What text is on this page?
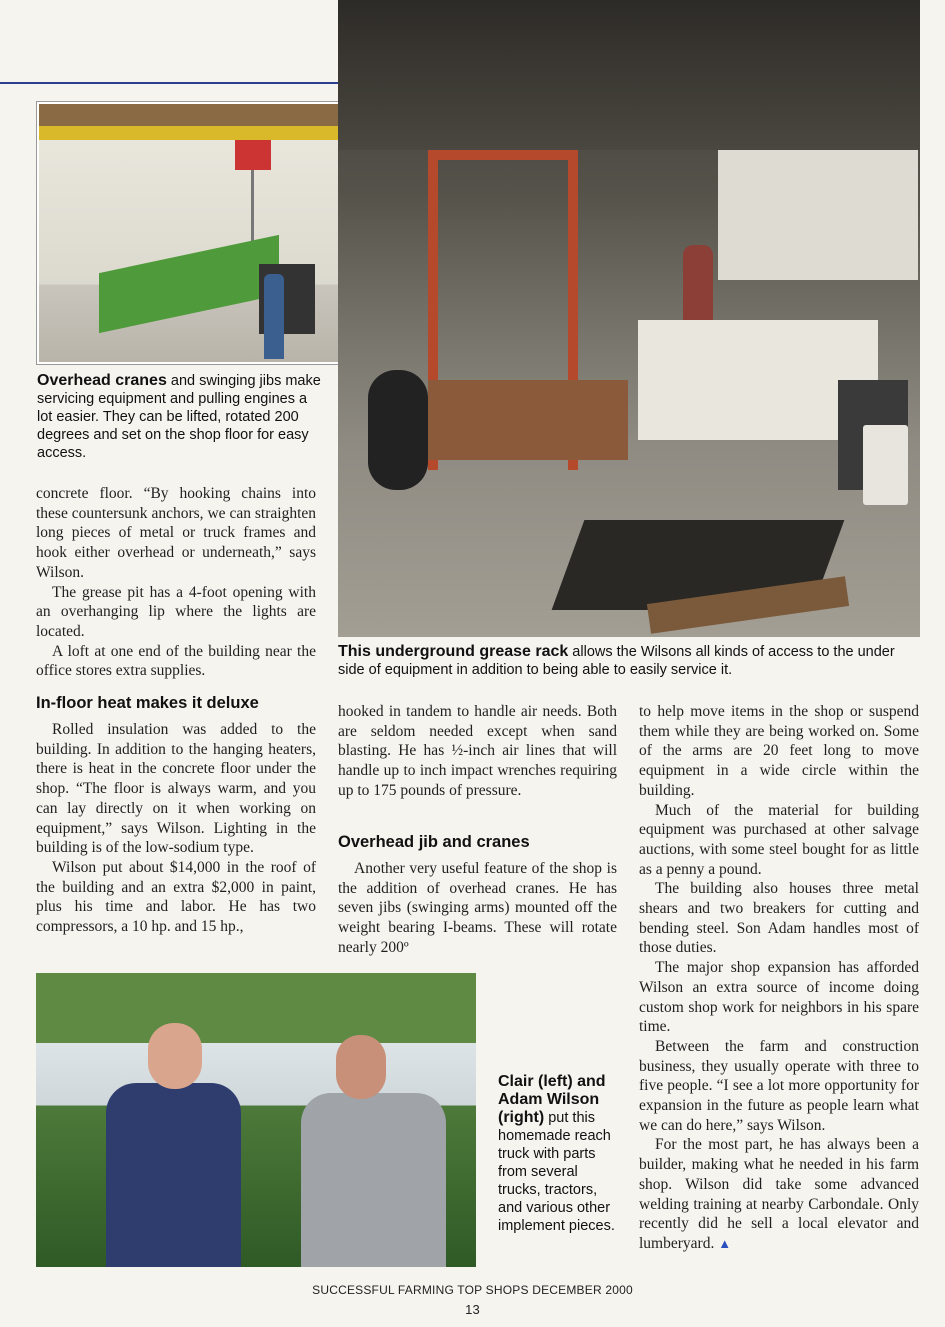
Overhead cranes and swinging jibs make servicing equipment and pulling engines a lot easier. They can be lifted, rotated 200 degrees and set on the shop floor for easy access.
This underground grease rack allows the Wilsons all kinds of access to the under side of equipment in addition to being able to easily service it.
Clair (left) and Adam Wilson (right) put this homemade reach truck with parts from several trucks, tractors, and various other implement pieces.

concrete floor. “By hooking chains into these countersunk anchors, we can straighten long pieces of metal or truck frames and hook either overhead or underneath,” says Wilson.

The grease pit has a 4-foot opening with an overhanging lip where the lights are located.

A loft at one end of the building near the office stores extra supplies.

In-floor heat makes it deluxe

Rolled insulation was added to the building. In addition to the hanging heaters, there is heat in the concrete floor under the shop. “The floor is always warm, and you can lay directly on it when working on equipment,” says Wilson. Lighting in the building is of the low-sodium type.

Wilson put about $14,000 in the roof of the building and an extra $2,000 in paint, plus his time and labor. He has two compressors, a 10 hp. and 15 hp.,

hooked in tandem to handle air needs. Both are seldom needed except when sand blasting. He has ½-inch air lines that will handle up to inch impact wrenches requiring up to 175 pounds of pressure.

Overhead jib and cranes

Another very useful feature of the shop is the addition of overhead cranes. He has seven jibs (swinging arms) mounted off the weight bearing I-beams. These will rotate nearly 200º

to help move items in the shop or suspend them while they are being worked on. Some of the arms are 20 feet long to move equipment in a wide circle within the building.

Much of the material for building equipment was purchased at other salvage auctions, with some steel bought for as little as a penny a pound.

The building also houses three metal shears and two breakers for cutting and bending steel. Son Adam handles most of those duties.

The major shop expansion has afforded Wilson an extra source of income doing custom shop work for neighbors in his spare time.

Between the farm and construction business, they usually operate with three to five people. “I see a lot more opportunity for expansion in the future as people learn what we can do here,” says Wilson.

For the most part, he has always been a builder, making what he needed in his farm shop. Wilson did take some advanced welding training at nearby Carbondale. Only recently did he sell a local elevator and lumberyard. ▲

SUCCESSFUL FARMING TOP SHOPS DECEMBER 2000
13
